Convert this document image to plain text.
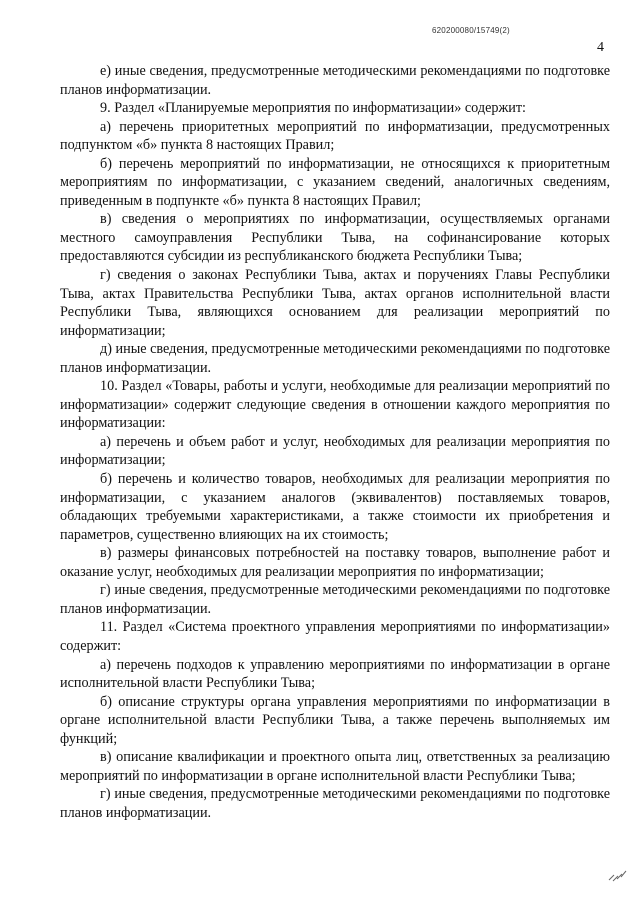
620200080/15749(2)
4

е) иные сведения, предусмотренные методическими рекомендациями по подготовке планов информатизации.

9. Раздел «Планируемые мероприятия по информатизации» содержит:

а) перечень приоритетных мероприятий по информатизации, предусмотренных подпунктом «б» пункта 8 настоящих Правил;

б) перечень мероприятий по информатизации, не относящихся к приоритетным мероприятиям по информатизации, с указанием сведений, аналогичных сведениям, приведенным в подпункте «б» пункта 8 настоящих Правил;

в) сведения о мероприятиях по информатизации, осуществляемых органами местного самоуправления Республики Тыва, на софинансирование которых предоставляются субсидии из республиканского бюджета Республики Тыва;

г) сведения о законах Республики Тыва, актах и поручениях Главы Республики Тыва, актах Правительства Республики Тыва, актах органов исполнительной власти Республики Тыва, являющихся основанием для реализации мероприятий по информатизации;

д) иные сведения, предусмотренные методическими рекомендациями по подготовке планов информатизации.

10. Раздел «Товары, работы и услуги, необходимые для реализации мероприятий по информатизации» содержит следующие сведения в отношении каждого мероприятия по информатизации:

а) перечень и объем работ и услуг, необходимых для реализации мероприятия по информатизации;

б) перечень и количество товаров, необходимых для реализации мероприятия по информатизации, с указанием аналогов (эквивалентов) поставляемых товаров, обладающих требуемыми характеристиками, а также стоимости их приобретения и параметров, существенно влияющих на их стоимость;

в) размеры финансовых потребностей на поставку товаров, выполнение работ и оказание услуг, необходимых для реализации мероприятия по информатизации;

г) иные сведения, предусмотренные методическими рекомендациями по подготовке планов информатизации.

11. Раздел «Система проектного управления мероприятиями по информатизации» содержит:

а) перечень подходов к управлению мероприятиями по информатизации в органе исполнительной власти Республики Тыва;

б) описание структуры органа управления мероприятиями по информатизации в органе исполнительной власти Республики Тыва, а также перечень выполняемых им функций;

в) описание квалификации и проектного опыта лиц, ответственных за реализацию мероприятий по информатизации в органе исполнительной власти Республики Тыва;

г) иные сведения, предусмотренные методическими рекомендациями по подготовке планов информатизации.
